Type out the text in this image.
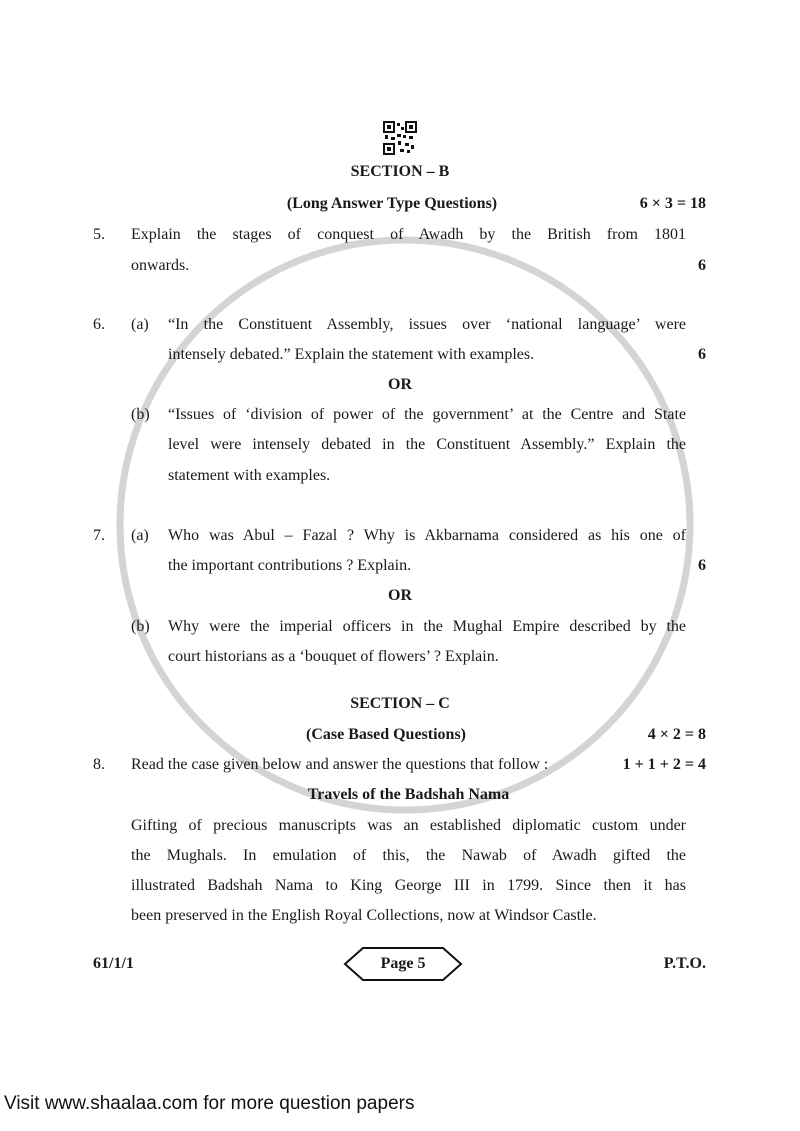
SECTION – B
(Long Answer Type Questions)	6 × 3 = 18
5. Explain the stages of conquest of Awadh by the British from 1801
onwards.	6
6. (a) “In the Constituent Assembly, issues over ‘national language’ were
intensely debated.” Explain the statement with examples.	6
OR
(b) “Issues of ‘division of power of the government’ at the Centre and State
level were intensely debated in the Constituent Assembly.” Explain the
statement with examples.
7. (a) Who was Abul – Fazal ? Why is Akbarnama considered as his one of
the important contributions ? Explain.	6
OR
(b) Why were the imperial officers in the Mughal Empire described by the
court historians as a ‘bouquet of flowers’ ? Explain.
SECTION – C
(Case Based Questions)	4 × 2 = 8
8. Read the case given below and answer the questions that follow :	1 + 1 + 2 = 4
Travels of the Badshah Nama
Gifting of precious manuscripts was an established diplomatic custom under
the Mughals. In emulation of this, the Nawab of Awadh gifted the
illustrated Badshah Nama to King George III in 1799. Since then it has
been preserved in the English Royal Collections, now at Windsor Castle.
61/1/1	Page 5	P.T.O.
Visit www.shaalaa.com for more question papers
